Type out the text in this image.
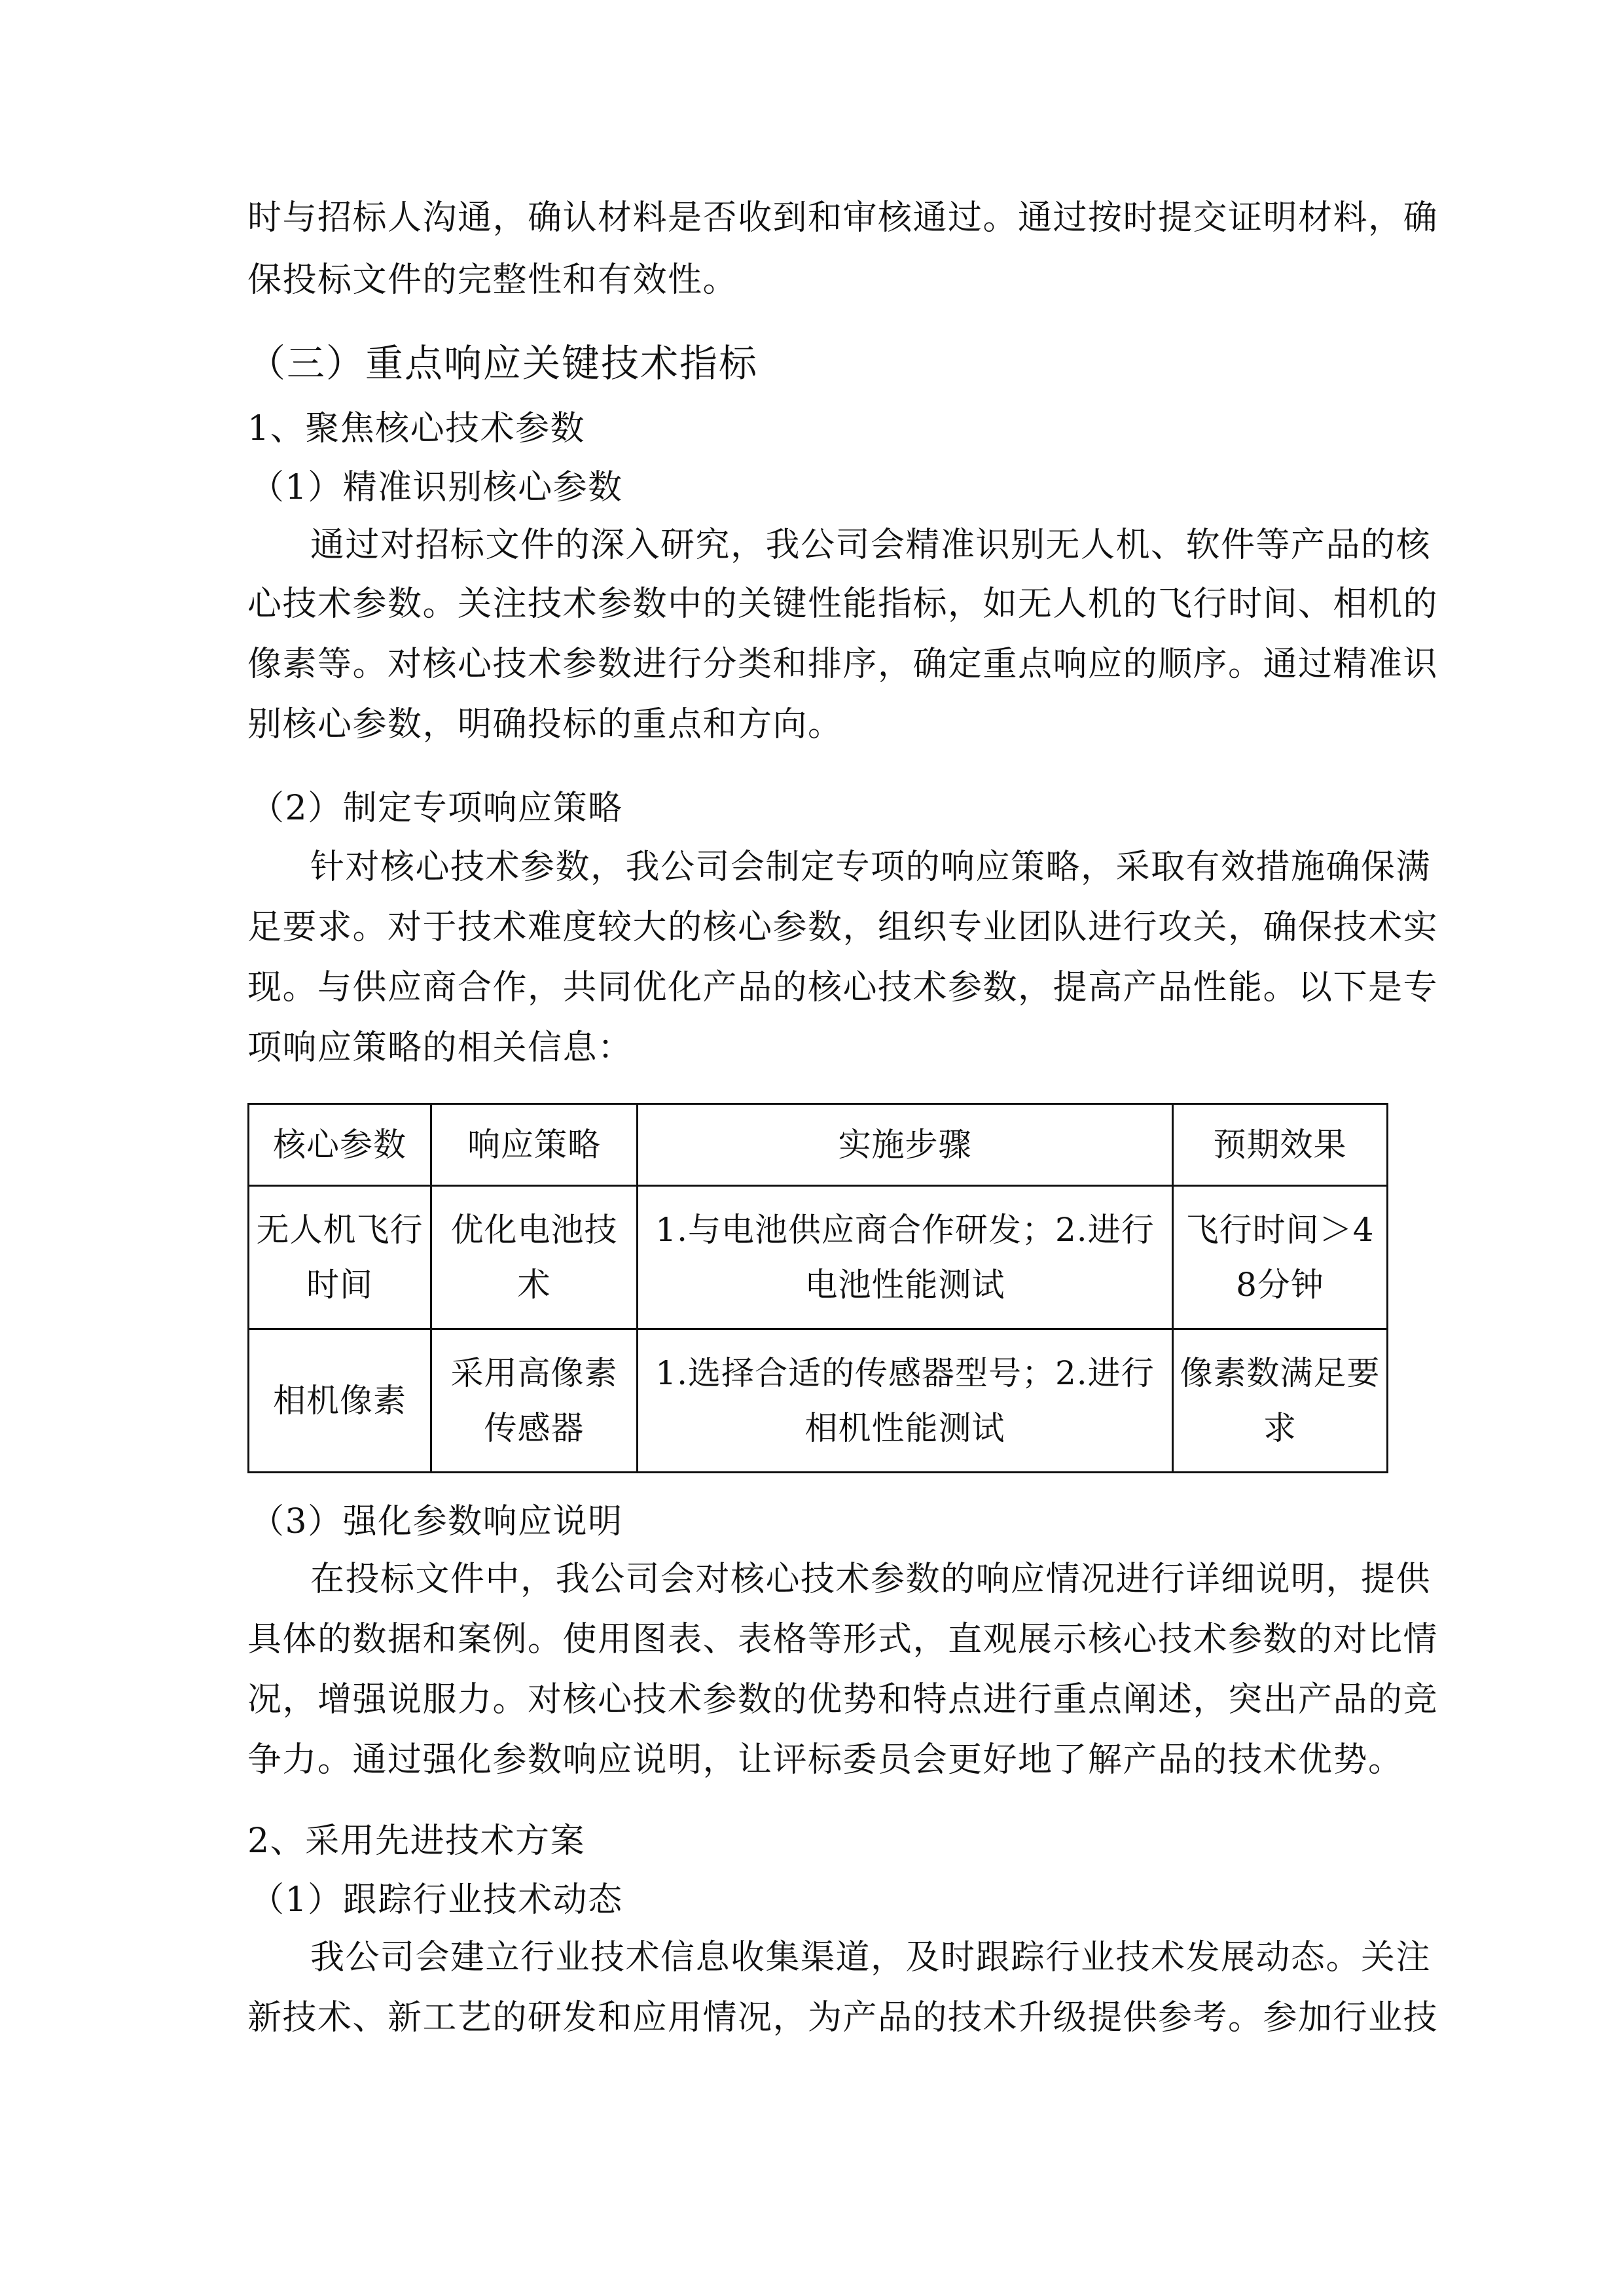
时与招标人沟通，确认材料是否收到和审核通过。通过按时提交证明材料，确
保投标文件的完整性和有效性。
（三）重点响应关键技术指标
1、聚焦核心技术参数
（1）精准识别核心参数
通过对招标文件的深入研究，我公司会精准识别无人机、软件等产品的核
心技术参数。关注技术参数中的关键性能指标，如无人机的飞行时间、相机的
像素等。对核心技术参数进行分类和排序，确定重点响应的顺序。通过精准识
别核心参数，明确投标的重点和方向。
（2）制定专项响应策略
针对核心技术参数，我公司会制定专项的响应策略，采取有效措施确保满
足要求。对于技术难度较大的核心参数，组织专业团队进行攻关，确保技术实
现。与供应商合作，共同优化产品的核心技术参数，提高产品性能。以下是专
项响应策略的相关信息：
核心参数	响应策略	实施步骤	预期效果
无人机飞行时间	优化电池技术	1.与电池供应商合作研发；2.进行电池性能测试	飞行时间＞48分钟
相机像素	采用高像素传感器	1.选择合适的传感器型号；2.进行相机性能测试	像素数满足要求
（3）强化参数响应说明
在投标文件中，我公司会对核心技术参数的响应情况进行详细说明，提供
具体的数据和案例。使用图表、表格等形式，直观展示核心技术参数的对比情
况，增强说服力。对核心技术参数的优势和特点进行重点阐述，突出产品的竞
争力。通过强化参数响应说明，让评标委员会更好地了解产品的技术优势。
2、采用先进技术方案
（1）跟踪行业技术动态
我公司会建立行业技术信息收集渠道，及时跟踪行业技术发展动态。关注
新技术、新工艺的研发和应用情况，为产品的技术升级提供参考。参加行业技
